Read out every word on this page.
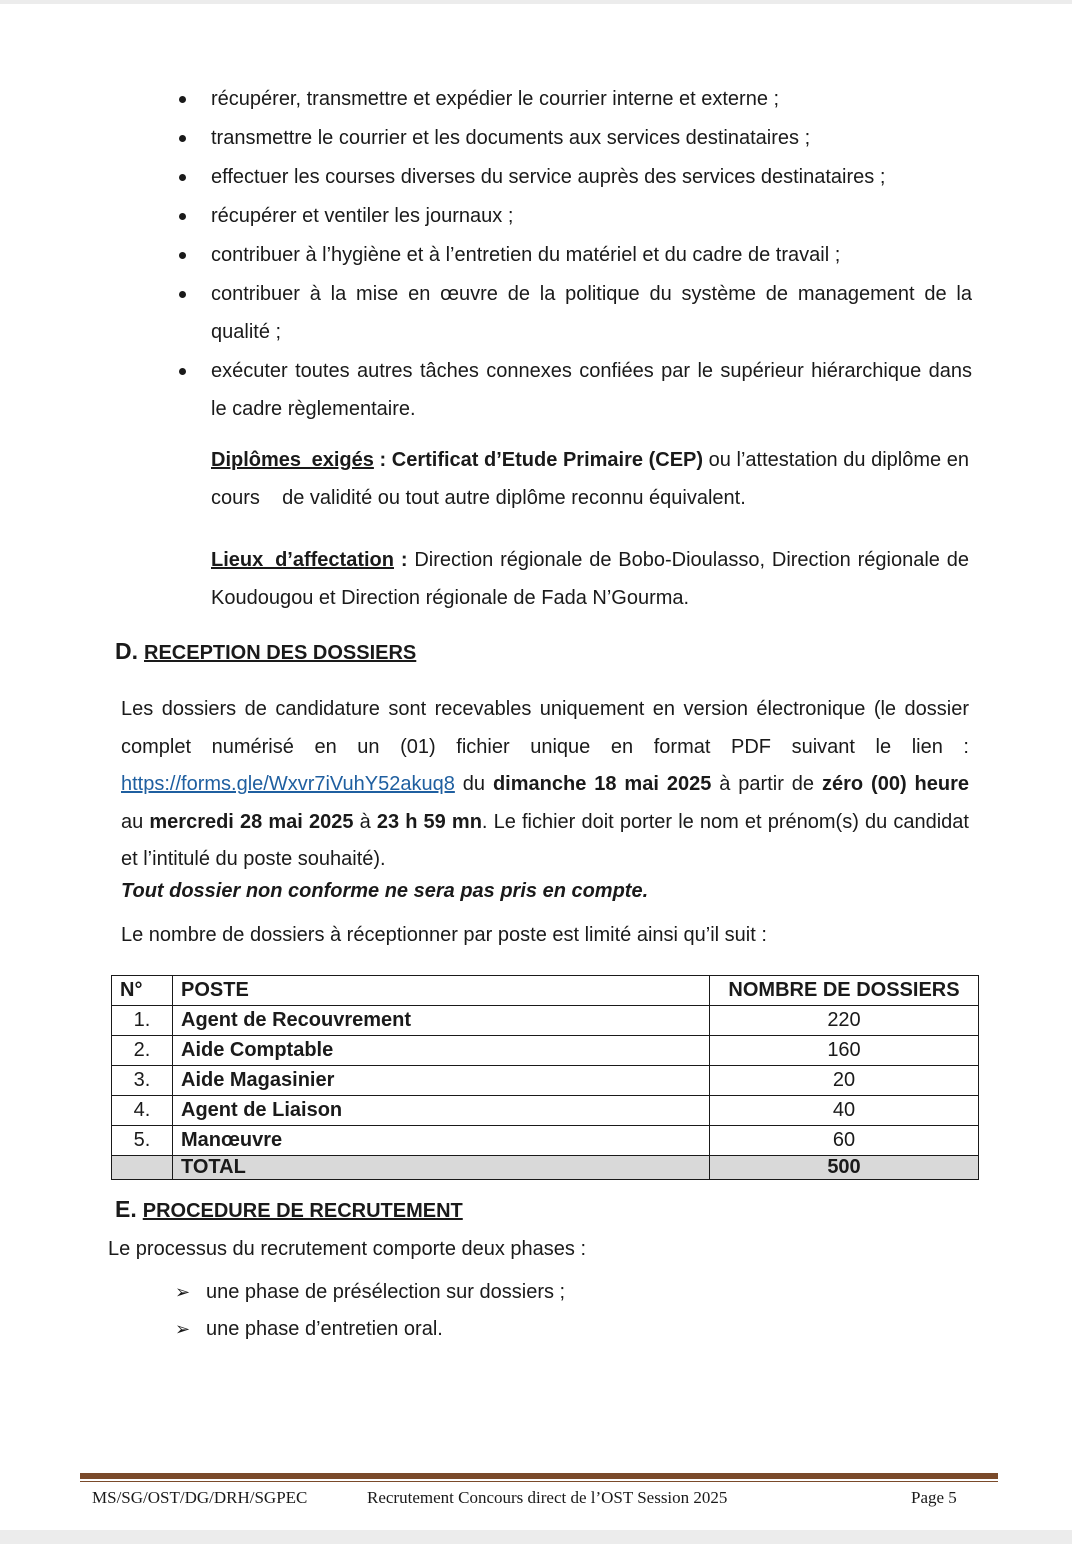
récupérer, transmettre et expédier le courrier interne et externe ;
transmettre le courrier et les documents aux services destinataires ;
effectuer les courses diverses du service auprès des services destinataires ;
récupérer et ventiler les journaux ;
contribuer à l’hygiène et à l’entretien du matériel et du cadre de travail ;
contribuer à la mise en œuvre de la politique du système de management de la qualité ;
exécuter toutes autres tâches connexes confiées par le supérieur hiérarchique dans le cadre règlementaire.

Diplômes exigés : Certificat d’Etude Primaire (CEP) ou l’attestation du diplôme en cours    de validité ou tout autre diplôme reconnu équivalent.

Lieux d’affectation : Direction régionale de Bobo-Dioulasso, Direction régionale de Koudougou et Direction régionale de Fada N’Gourma.

D. RECEPTION DES DOSSIERS

Les dossiers de candidature sont recevables uniquement en version électronique (le dossier complet numérisé en un (01) fichier unique en format PDF suivant le lien : https://forms.gle/Wxvr7iVuhY52akuq8 du dimanche 18 mai 2025 à partir de zéro (00) heure au mercredi 28 mai 2025 à 23 h 59 mn. Le fichier doit porter le nom et prénom(s) du candidat et l’intitulé du poste souhaité).

Tout dossier non conforme ne sera pas pris en compte.

Le nombre de dossiers à réceptionner par poste est limité ainsi qu’il suit :

N°	POSTE	NOMBRE DE DOSSIERS
1.	Agent de Recouvrement	220
2.	Aide Comptable	160
3.	Aide Magasinier	20
4.	Agent de Liaison	40
5.	Manœuvre	60
	TOTAL	500

E. PROCEDURE DE RECRUTEMENT

Le processus du recrutement comporte deux phases :

➢ une phase de présélection sur dossiers ;
➢ une phase d’entretien oral.

MS/SG/OST/DG/DRH/SGPEC	Recrutement Concours direct de l’OST Session 2025	Page 5
